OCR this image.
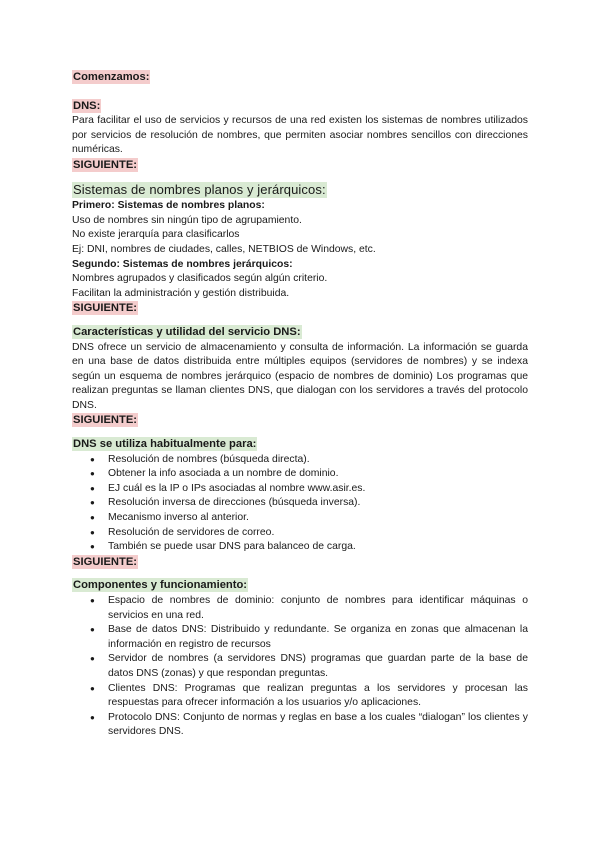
Comenzamos:
DNS:

Para facilitar el uso de servicios y recursos de una red existen los sistemas de nombres utilizados por servicios de resolución de nombres, que permiten asociar nombres sencillos con direcciones numéricas.

SIGUIENTE:
Sistemas de nombres planos y jerárquicos:

Primero: Sistemas de nombres planos:

Uso de nombres sin ningún tipo de agrupamiento.

No existe jerarquía para clasificarlos

Ej: DNI, nombres de ciudades, calles, NETBIOS de Windows, etc.

Segundo: Sistemas de nombres jerárquicos:

Nombres agrupados y clasificados según algún criterio.

Facilitan la administración y gestión distribuida.

SIGUIENTE:
Características y utilidad del servicio DNS:

DNS ofrece un servicio de almacenamiento y consulta de información. La información se guarda en una base de datos distribuida entre múltiples equipos (servidores de nombres) y se indexa según un esquema de nombres jerárquico (espacio de nombres de dominio) Los programas que realizan preguntas se llaman clientes DNS, que dialogan con los servidores a través del protocolo DNS.

SIGUIENTE:
DNS se utiliza habitualmente para:
● Resolución de nombres (búsqueda directa).
● Obtener la info asociada a un nombre de dominio.
● EJ cuál es la IP o IPs asociadas al nombre www.asir.es.
● Resolución inversa de direcciones (búsqueda inversa).
● Mecanismo inverso al anterior.
● Resolución de servidores de correo.
● También se puede usar DNS para balanceo de carga.
SIGUIENTE:
Componentes y funcionamiento:
● Espacio de nombres de dominio: conjunto de nombres para identificar máquinas o servicios en una red.
● Base de datos DNS: Distribuido y redundante. Se organiza en zonas que almacenan la información en registro de recursos
● Servidor de nombres (a servidores DNS) programas que guardan parte de la base de datos DNS (zonas) y que respondan preguntas.
● Clientes DNS: Programas que realizan preguntas a los servidores y procesan las respuestas para ofrecer información a los usuarios y/o aplicaciones.
● Protocolo DNS: Conjunto de normas y reglas en base a los cuales “dialogan” los clientes y servidores DNS.
